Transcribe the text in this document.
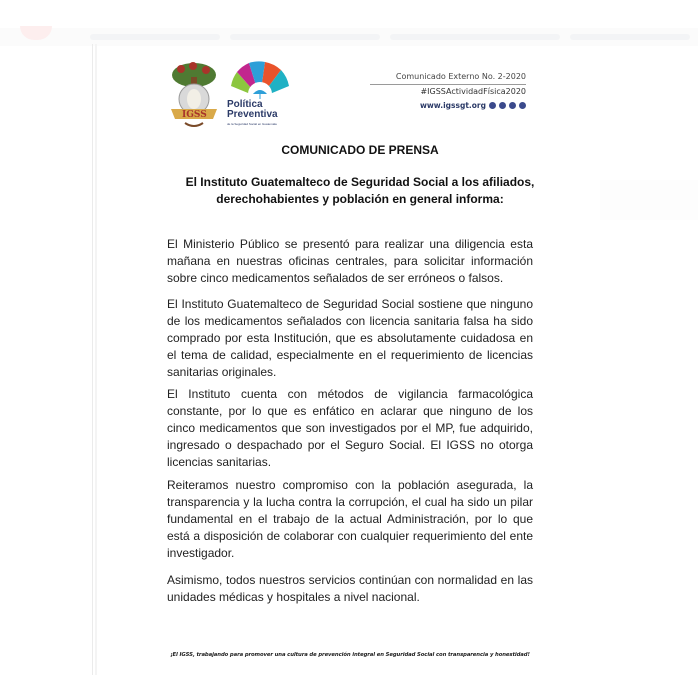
IGSS
Política
Preventiva
de la Seguridad Social en Guatemala
Comunicado Externo No. 2-2020
#IGSSActividadFísica2020
www.igssgt.org
COMUNICADO DE PRENSA
El Instituto Guatemalteco de Seguridad Social a los afiliados, derechohabientes y población en general informa:
El Ministerio Público se presentó para realizar una diligencia esta mañana en nuestras oficinas centrales, para solicitar información sobre cinco medicamentos señalados de ser erróneos o falsos.
El Instituto Guatemalteco de Seguridad Social sostiene que ninguno de los medicamentos señalados con licencia sanitaria falsa ha sido comprado por esta Institución, que es absolutamente cuidadosa en el tema de calidad, especialmente en el requerimiento de licencias sanitarias originales.
El Instituto cuenta con métodos de vigilancia farmacológica constante, por lo que es enfático en aclarar que ninguno de los cinco medicamentos que son investigados por el MP, fue adquirido, ingresado o despachado por el Seguro Social. El IGSS no otorga licencias sanitarias.
Reiteramos nuestro compromiso con la población asegurada, la transparencia y la lucha contra la corrupción, el cual ha sido un pilar fundamental en el trabajo de la actual Administración, por lo que está a disposición de colaborar con cualquier requerimiento del ente investigador.
Asimismo, todos nuestros servicios continúan con normalidad en las unidades médicas y hospitales a nivel nacional.
¡El IGSS, trabajando para promover una cultura de prevención integral en Seguridad Social con transparencia y honestidad!
